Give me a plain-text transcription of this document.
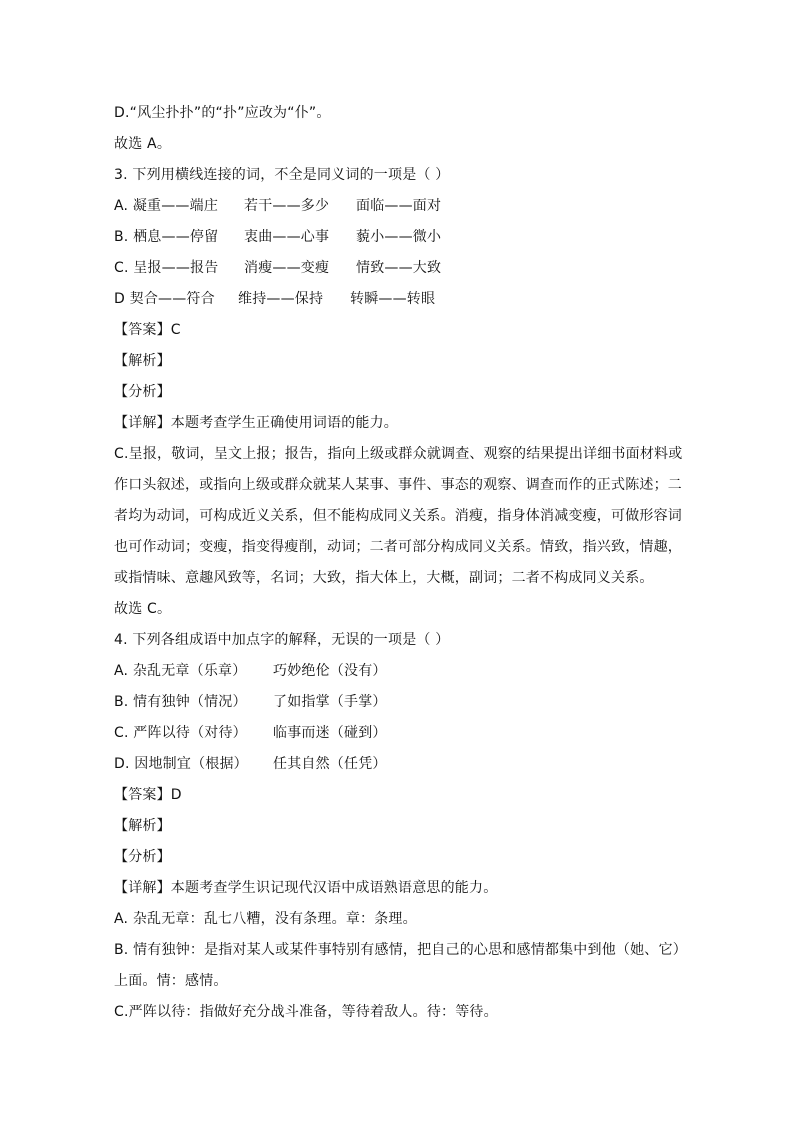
D.“风尘扑扑”的“扑”应改为“仆”。
故选 A。
3. 下列用横线连接的词，不全是同义词的一项是（ ）
A. 凝重——端庄 若干——多少 面临——面对
B. 栖息——停留 衷曲——心事 藐小——微小
C. 呈报——报告 消瘦——变瘦 情致——大致
D 契合——符合 维持——保持 转瞬——转眼
【答案】C
【解析】
【分析】
【详解】本题考查学生正确使用词语的能力。
C.呈报，敬词，呈文上报；报告，指向上级或群众就调查、观察的结果提出详细书面材料或
作口头叙述，或指向上级或群众就某人某事、事件、事态的观察、调查而作的正式陈述；二
者均为动词，可构成近义关系，但不能构成同义关系。消瘦，指身体消减变瘦，可做形容词
也可作动词；变瘦，指变得瘦削，动词；二者可部分构成同义关系。情致，指兴致，情趣，
或指情味、意趣风致等，名词；大致，指大体上，大概，副词；二者不构成同义关系。
故选 C。
4. 下列各组成语中加点字的解释，无误的一项是（ ）
A. 杂乱无章（乐章） 巧妙绝伦（没有）
B. 情有独钟（情况） 了如指掌（手掌）
C. 严阵以待（对待） 临事而迷（碰到）
D. 因地制宜（根据） 任其自然（任凭）
【答案】D
【解析】
【分析】
【详解】本题考查学生识记现代汉语中成语熟语意思的能力。
A. 杂乱无章：乱七八糟，没有条理。章：条理。
B. 情有独钟：是指对某人或某件事特别有感情，把自己的心思和感情都集中到他（她、它）
上面。情：感情。
C.严阵以待：指做好充分战斗准备，等待着敌人。待：等待。
